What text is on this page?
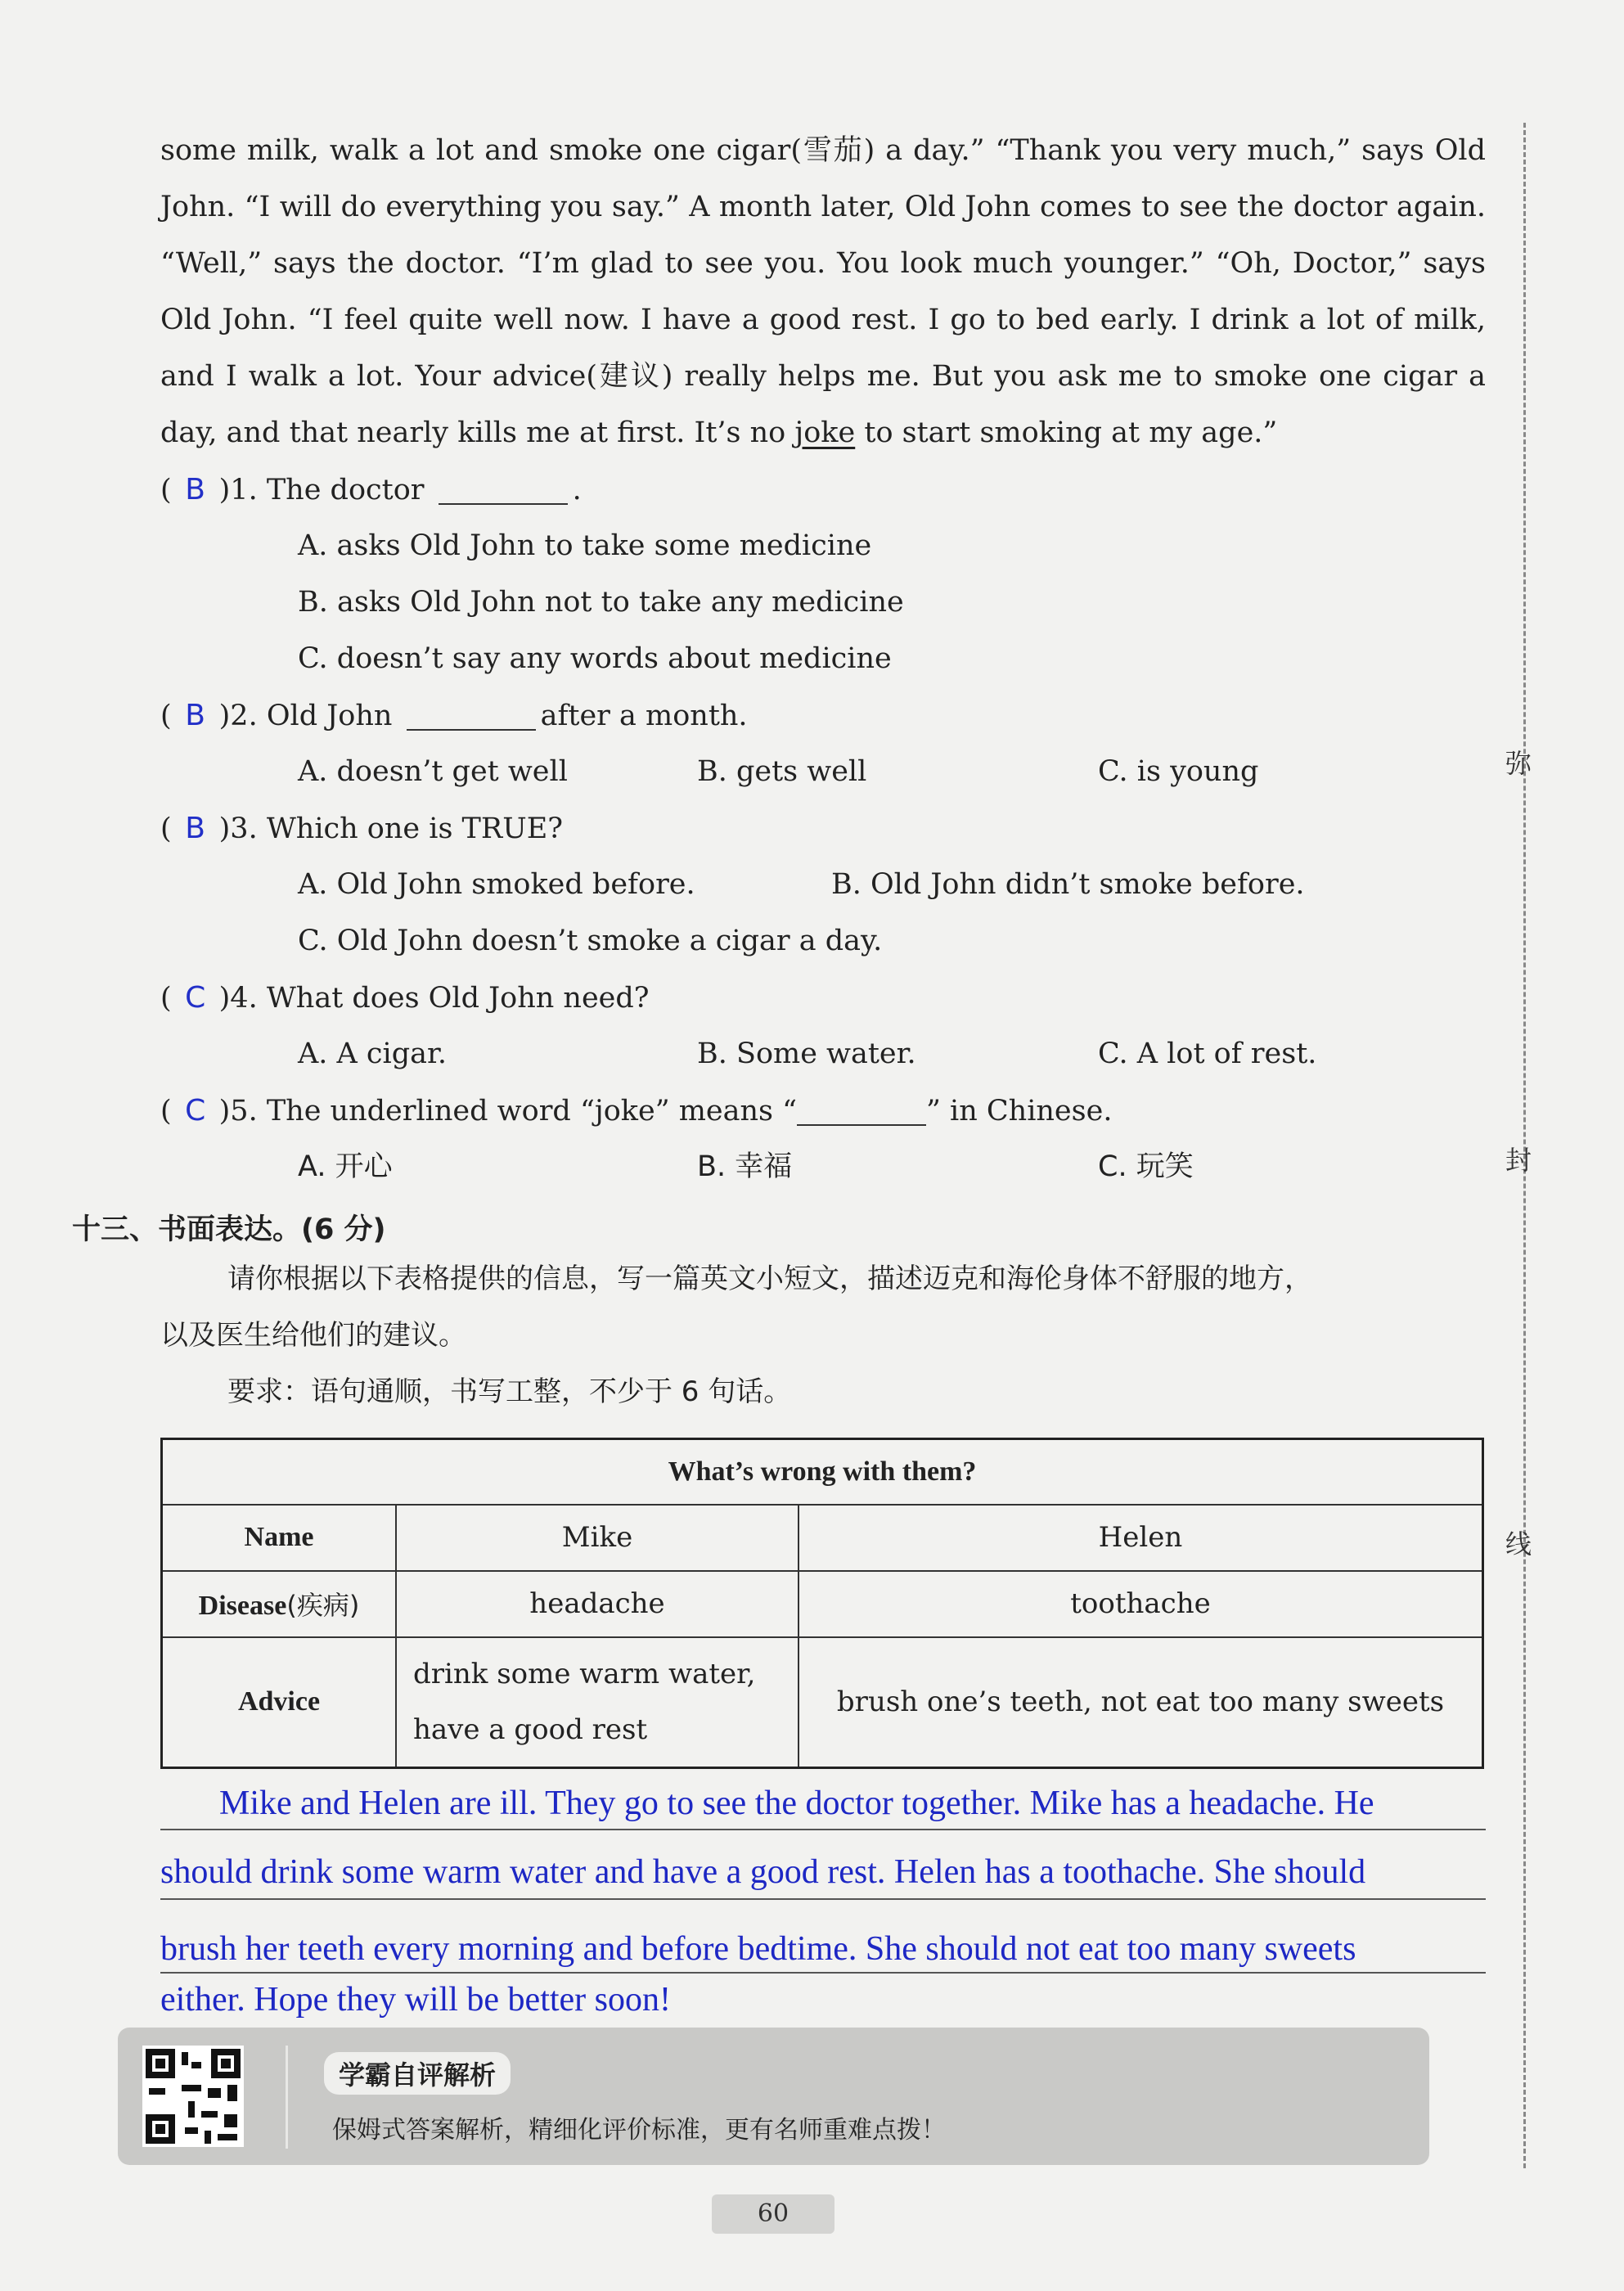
some milk, walk a lot and smoke one cigar(雪茄) a day.” “Thank you very much,” says Old

John. “I will do everything you say.” A month later, Old John comes to see the doctor again.

“Well,” says the doctor. “I’m glad to see you. You look much younger.” “Oh, Doctor,” says

Old John. “I feel quite well now. I have a good rest. I go to bed early. I drink a lot of milk,

and I walk a lot. Your advice(建议) really helps me. But you ask me to smoke one cigar a

day, and that nearly kills me at first. It’s no joke to start smoking at my age.”

( B )1. The doctor	.
A. asks Old John to take some medicine
B. asks Old John not to take any medicine
C. doesn’t say any words about medicine
( B )2. Old John	after a month.
A. doesn’t get well	B. gets well	C. is young
( B )3. Which one is TRUE?
A. Old John smoked before.	B. Old John didn’t smoke before.
C. Old John doesn’t smoke a cigar a day.
( C )4. What does Old John need?
A. A cigar.	B. Some water.	C. A lot of rest.
( C )5. The underlined word “joke” means “	” in Chinese.
A. 开心	B. 幸福	C. 玩笑
十三、书面表达。(6 分)
请你根据以下表格提供的信息，写一篇英文小短文，描述迈克和海伦身体不舒服的地方，
以及医生给他们的建议。
要求：语句通顺，书写工整，不少于 6 句话。
What’s wrong with them?		
Name	Mike	Helen
Disease(疾病)	headache	toothache
Advice	drink some warm water,
have a good rest	brush one’s teeth, not eat too many sweets
Mike and Helen are ill. They go to see the doctor together. Mike has a headache. He
should drink some warm water and have a good rest. Helen has a toothache. She should
brush her teeth every morning and before bedtime. She should not eat too many sweets
either. Hope they will be better soon!
学霸自评解析
保姆式答案解析，精细化评价标准，更有名师重难点拨！
60
弥
封
线
